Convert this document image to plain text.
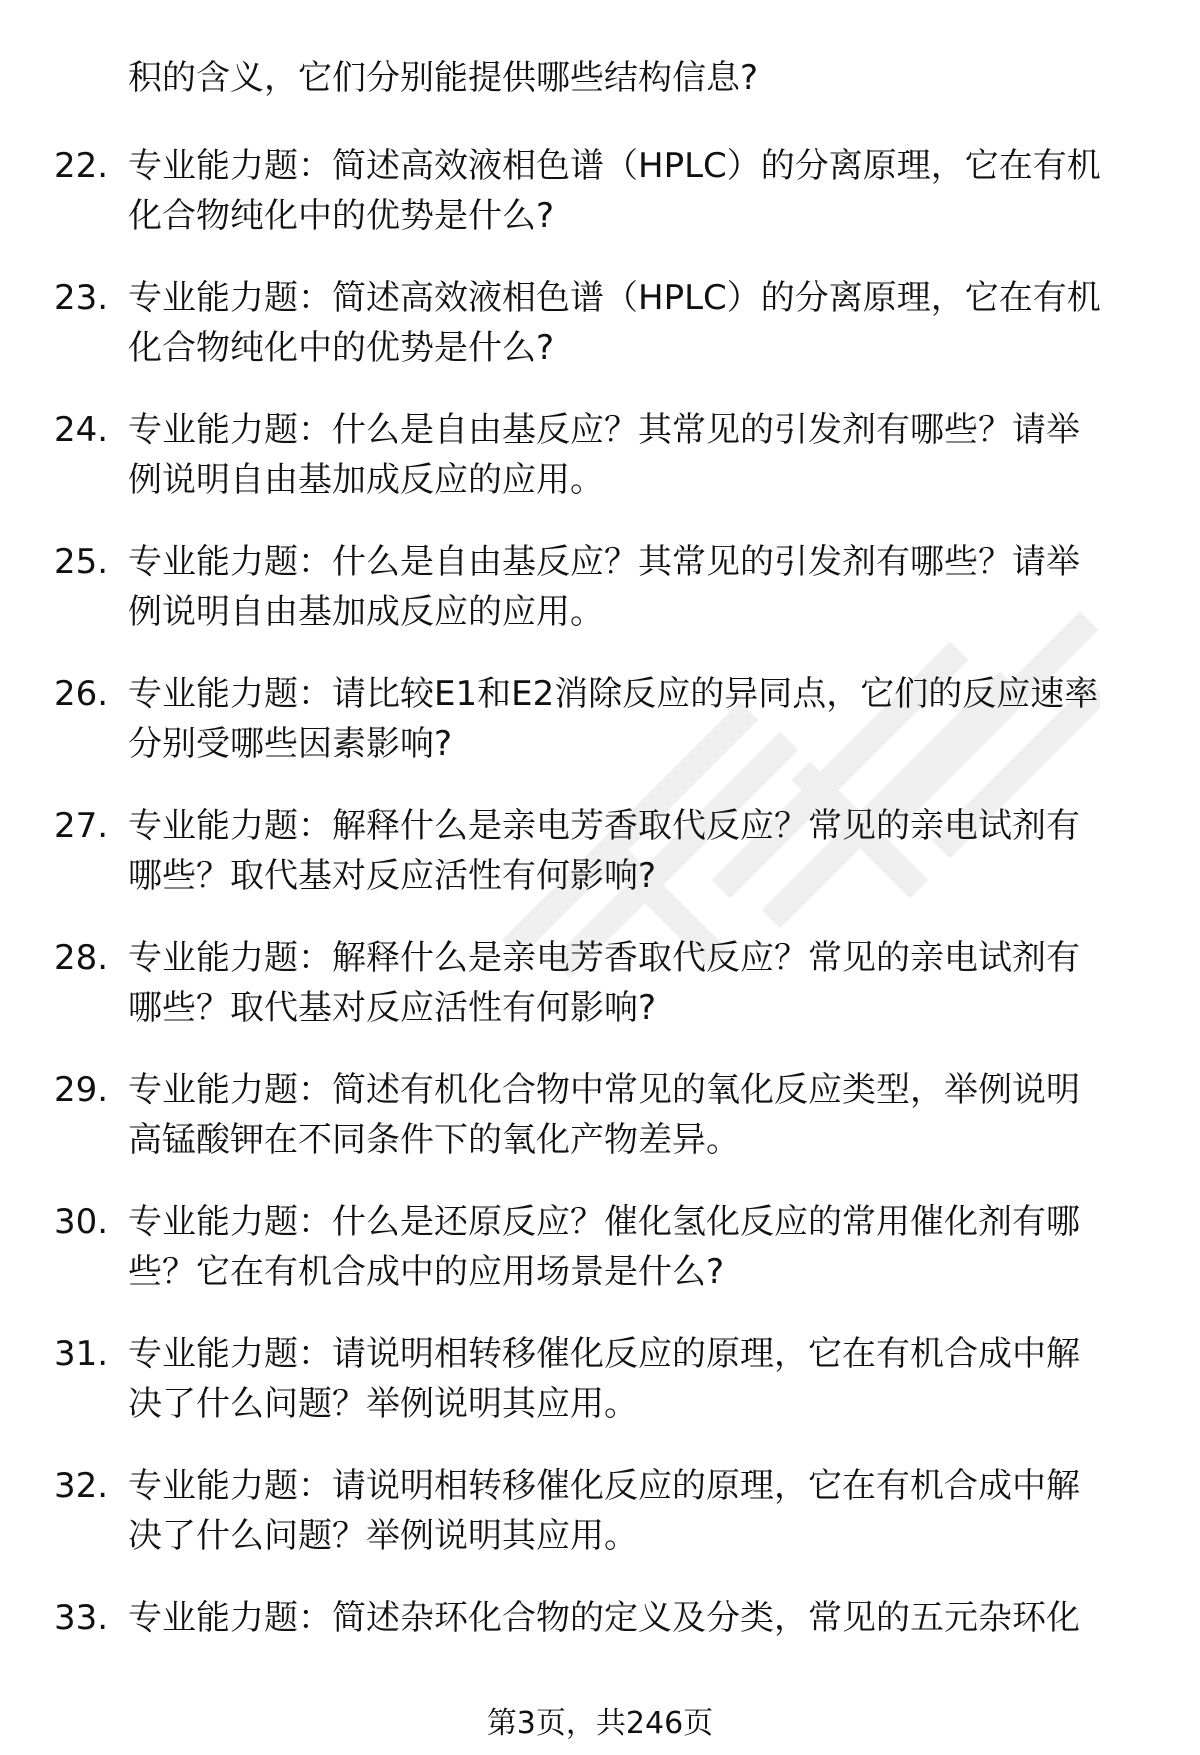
积的含义，它们分别能提供哪些结构信息?
22. 专业能力题：简述高效液相色谱（HPLC）的分离原理，它在有机
化合物纯化中的优势是什么?
23. 专业能力题：简述高效液相色谱（HPLC）的分离原理，它在有机
化合物纯化中的优势是什么?
24. 专业能力题：什么是自由基反应？其常见的引发剂有哪些？请举
例说明自由基加成反应的应用。
25. 专业能力题：什么是自由基反应？其常见的引发剂有哪些？请举
例说明自由基加成反应的应用。
26. 专业能力题：请比较E1和E2消除反应的异同点，它们的反应速率
分别受哪些因素影响?
27. 专业能力题：解释什么是亲电芳香取代反应？常见的亲电试剂有
哪些？取代基对反应活性有何影响?
28. 专业能力题：解释什么是亲电芳香取代反应？常见的亲电试剂有
哪些？取代基对反应活性有何影响?
29. 专业能力题：简述有机化合物中常见的氧化反应类型，举例说明
高锰酸钾在不同条件下的氧化产物差异。
30. 专业能力题：什么是还原反应？催化氢化反应的常用催化剂有哪
些？它在有机合成中的应用场景是什么?
31. 专业能力题：请说明相转移催化反应的原理，它在有机合成中解
决了什么问题？举例说明其应用。
32. 专业能力题：请说明相转移催化反应的原理，它在有机合成中解
决了什么问题？举例说明其应用。
33. 专业能力题：简述杂环化合物的定义及分类，常见的五元杂环化
第3页，共246页
